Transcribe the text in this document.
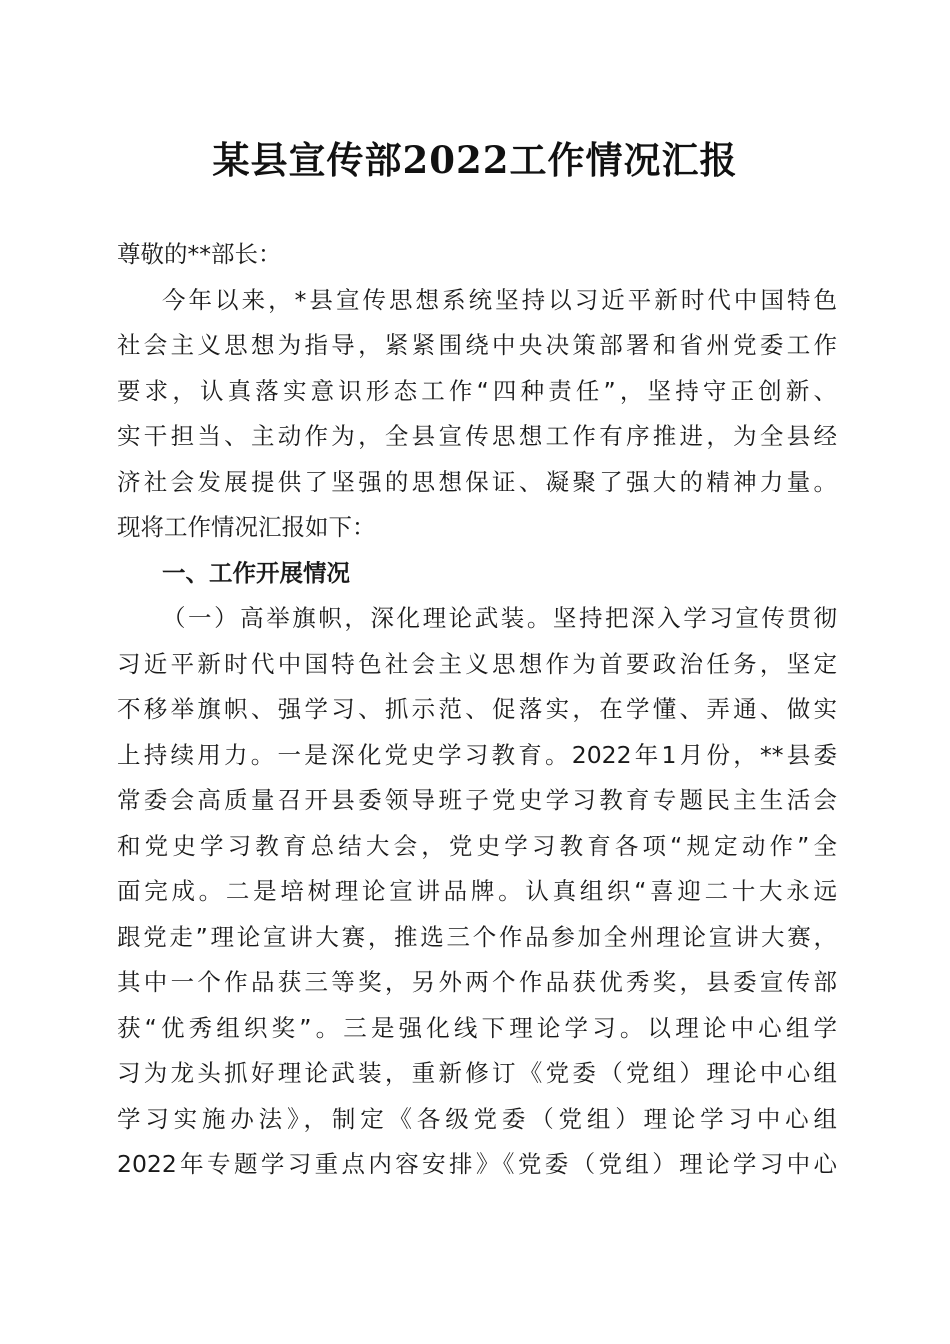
某县宣传部2022工作情况汇报
尊敬的**部长：
今年以来，*县宣传思想系统坚持以习近平新时代中国特色
社会主义思想为指导，紧紧围绕中央决策部署和省州党委工作
要求，认真落实意识形态工作“四种责任”，坚持守正创新、
实干担当、主动作为，全县宣传思想工作有序推进，为全县经
济社会发展提供了坚强的思想保证、凝聚了强大的精神力量。
现将工作情况汇报如下：
一、工作开展情况
（一）高举旗帜，深化理论武装。坚持把深入学习宣传贯彻
习近平新时代中国特色社会主义思想作为首要政治任务，坚定
不移举旗帜、强学习、抓示范、促落实，在学懂、弄通、做实
上持续用力。一是深化党史学习教育。2022年1月份，**县委
常委会高质量召开县委领导班子党史学习教育专题民主生活会
和党史学习教育总结大会，党史学习教育各项“规定动作”全
面完成。二是培树理论宣讲品牌。认真组织“喜迎二十大永远
跟党走”理论宣讲大赛，推选三个作品参加全州理论宣讲大赛，
其中一个作品获三等奖，另外两个作品获优秀奖，县委宣传部
获“优秀组织奖”。三是强化线下理论学习。以理论中心组学
习为龙头抓好理论武装，重新修订《党委（党组）理论中心组
学习实施办法》，制定《各级党委（党组）理论学习中心组
2022年专题学习重点内容安排》《党委（党组）理论学习中心
